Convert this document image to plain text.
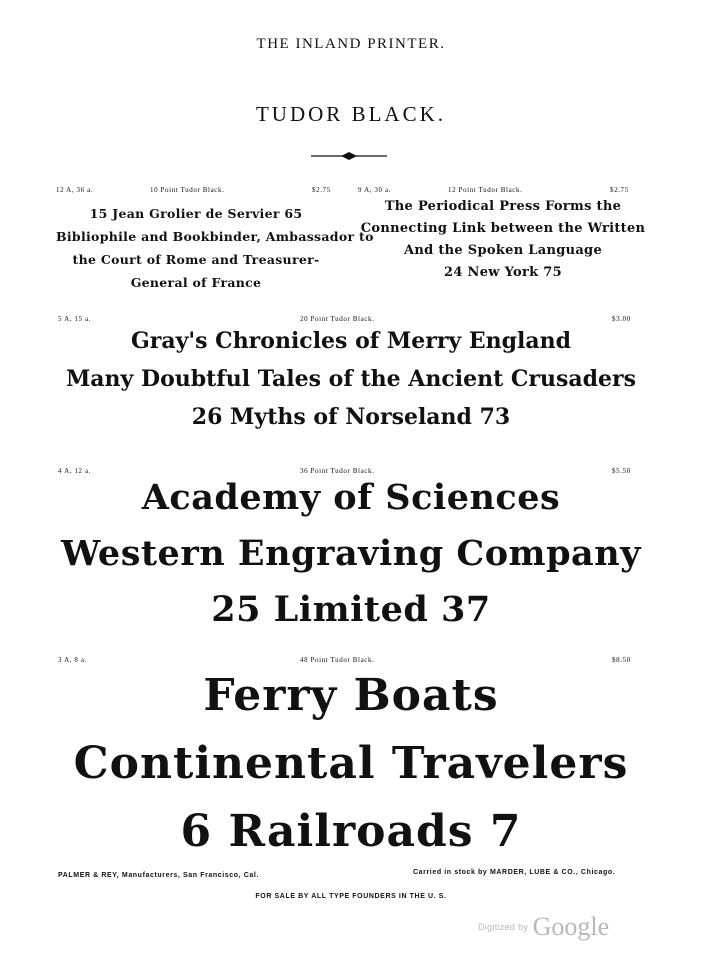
THE INLAND PRINTER.
TUDOR BLACK.
12 A, 36 a.	10 Point Tudor Black.	$2.75
15 Jean Grolier de Servier 65
Bibliophile and Bookbinder, Ambassador to
the Court of Rome and Treasurer-
General of France
9 A, 30 a.	12 Point Tudor Black.	$2.75
The Periodical Press Forms the
Connecting Link between the Written
And the Spoken Language
24 New York 75
5 A, 15 a.	20 Point Tudor Black.	$3.00
Gray's Chronicles of Merry England
Many Doubtful Tales of the Ancient Crusaders
26 Myths of Norseland 73
4 A, 12 a.	36 Point Tudor Black.	$5.50
Academy of Sciences
Western Engraving Company
25 Limited 37
3 A, 8 a.	48 Point Tudor Black.	$8.50
Ferry Boats
Continental Travelers
6 Railroads 7
PALMER & REY, Manufacturers, San Francisco, Cal.	Carried in stock by MARDER, LUBE & CO., Chicago.
FOR SALE BY ALL TYPE FOUNDERS IN THE U. S.
Digitized by Google
